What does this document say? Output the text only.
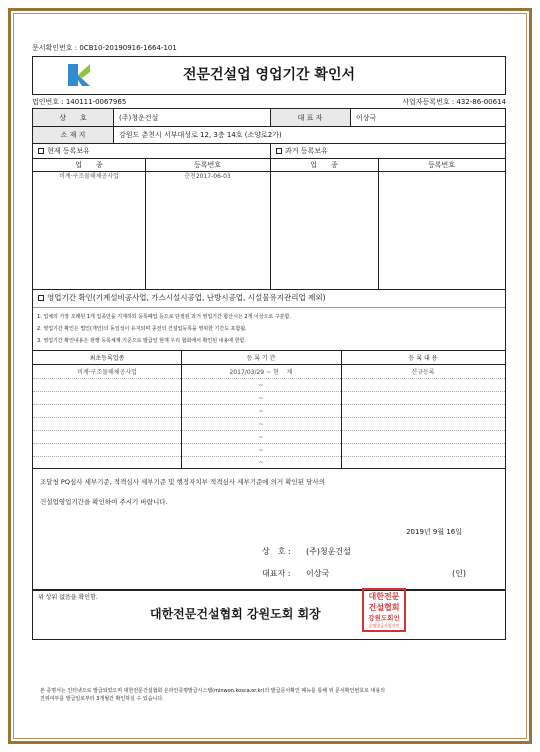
문서확인번호 : 0CB10-20190916-1664-101
전문건설업 영업기간 확인서
법인번호 : 140111-0067965	사업자등록번호 : 432-86-00614
상　　호	(주)청운건설	대 표 자	이상국
소 재 지	강원도 춘천시 서부대성로 12, 3층 14호 (소양로2가)
현재 등록보유	과거 등록보유
업　　종	등록번호	업　　종	등록번호
비계·구조물해체공사업	춘천2017-06-03
영업기간 확인(기계설비공사업, 가스시설시공업, 난방시공업, 시설물유지관리업 제외)
1. 업체의 가장 오래된 1개 업종만을 기재하되 등록폐업 등으로 단절된 과거 영업기간 합산시는 2개 이상으로 구분함.
2. 영업기간 확인은 법인(개인)의 동일성이 유지되며 종전의 건설업등록을 영위한 기간도 포함됨.
3. 영업기간 확인내용은 현행 등록체계 기준으로 발급일 현재 우리 협회에서 확인된 내용에 한함.
최초등록업종	등 록 기 간	등 록 내 용
비계·구조물해체공사업	2017/03/29 ~ 현　 재	신규등록
~
~
~
~
~
~
~
조달청 PQ심사 세부기준, 적격심사 세부기준 및 행정자치부 적격심사 세부기준에 의거 확인된 당사의
건설업영업기간을 확인하여 주시기 바랍니다.
2019년 9월 16일
상　호 : (주)청운건설
대표자 : 이상국	(인)
위 상위 없음을 확인함.
대한전문건설협회 강원도회 회장
대한전문
건설협회
강원도회인
증명발급사업자인
본 증명서는 인터넷으로 발급되었으며 대한전문건설협회 온라인증명발급시스템(minwon.kosca.or.kr)의 발급문서확인 메뉴를 통해 위 문서확인번호로 내용의
진위여부를 발급일로부터 3개월간 확인하실 수 있습니다.
